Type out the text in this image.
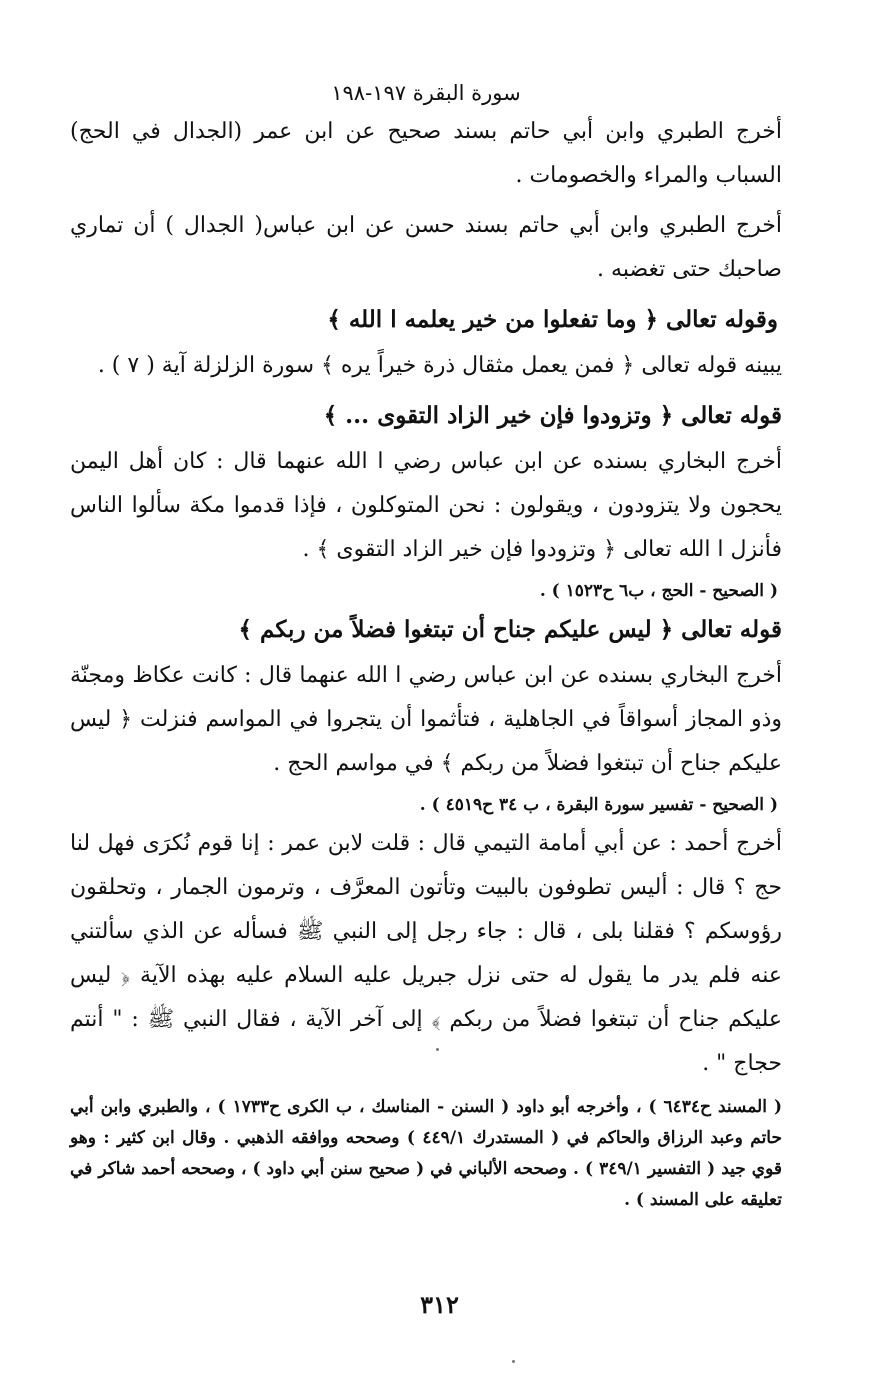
سورة البقرة ١٩٧-١٩٨

أخرج الطبري وابن أبي حاتم بسند صحيح عن ابن عمر (الجدال في الحج) السباب والمراء والخصومات .

أخرج الطبري وابن أبي حاتم بسند حسن عن ابن عباس( الجدال ) أن تماري صاحبك حتى تغضبه .

وقوله تعالى ﴿ وما تفعلوا من خير يعلمه ا الله ﴾

يبينه قوله تعالى ﴿ فمن يعمل مثقال ذرة خيراً يره ﴾ سورة الزلزلة آية ( ٧ ) .

قوله تعالى ﴿ وتزودوا فإن خير الزاد التقوى ... ﴾

أخرج البخاري بسنده عن ابن عباس رضي ا الله عنهما قال : كان أهل اليمن يحجون ولا يتزودون ، ويقولون : نحن المتوكلون ، فإذا قدموا مكة سألوا الناس فأنزل ا الله تعالى ﴿ وتزودوا فإن خير الزاد التقوى ﴾ .

( الصحيح - الحج ، ب٦ ح١٥٢٣ ) .

قوله تعالى ﴿ ليس عليكم جناح أن تبتغوا فضلاً من ربكم ﴾

أخرج البخاري بسنده عن ابن عباس رضي ا الله عنهما قال : كانت عكاظ ومجنّة وذو المجاز أسواقاً في الجاهلية ، فتأثموا أن يتجروا في المواسم فنزلت ﴿ ليس عليكم جناح أن تبتغوا فضلاً من ربكم ﴾ في مواسم الحج .

( الصحيح - تفسير سورة البقرة ، ب ٣٤ ح٤٥١٩ ) .

أخرج أحمد : عن أبي أمامة التيمي قال : قلت لابن عمر : إنا قوم نُكرَى فهل لنا حج ؟ قال : أليس تطوفون بالبيت وتأتون المعرَّف ، وترمون الجمار ، وتحلقون رؤوسكم ؟ فقلنا بلى ، قال : جاء رجل إلى النبي ﷺ فسأله عن الذي سألتني عنه فلم يدر ما يقول له حتى نزل جبريل عليه السلام عليه بهذه الآية ﴿ ليس عليكم جناح أن تبتغوا فضلاً من ربكم ﴾ إلى آخر الآية ، فقال النبي ﷺ : " أنتم حجاج " .

( المسند ح٦٤٣٤ ) ، وأخرجه أبو داود ( السنن - المناسك ، ب الكرى ح١٧٣٣ ) ، والطبري وابن أبي حاتم وعبد الرزاق والحاكم في ( المستدرك ٤٤٩/١ ) وصححه ووافقه الذهبي . وقال ابن كثير : وهو قوي جيد ( التفسير ٣٤٩/١ ) . وصححه الألباني في ( صحيح سنن أبي داود ) ، وصححه أحمد شاكر في تعليقه على المسند ) .

٣١٢
